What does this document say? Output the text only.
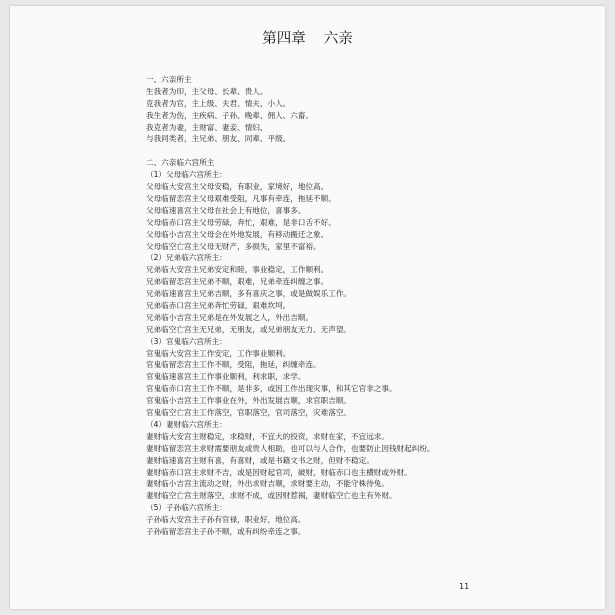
第四章 六亲
一、六亲所主
生我者为印，主父母、长辈、贵人。
克我者为官，主上级、夫君、情夫、小人。
我生者为伤，主疾病、子孙、晚辈、佣人、六畜。
我克者为妻，主财富、妻妾、情妇、
与我同类者，主兄弟、朋友、同辈、平级。
二、六亲临六宫所主
（1）父母临六宫所主：
父母临大安宫主父母安稳，有职业，家境好，地位高。
父母临留恋宫主父母艰难受阻，凡事有牵连，拖延不顺。
父母临速喜宫主父母在社会上有地位，喜事多。
父母临赤口宫主父母劳碌，奔忙，艰难，是非口舌不好。
父母临小吉宫主父母会在外地发展，有移动搬迁之象。
父母临空亡宫主父母无财产，多损失，家里不富裕。
（2）兄弟临六宫所主：
兄弟临大安宫主兄弟安定和睦，事业稳定，工作顺利。
兄弟临留恋宫主兄弟不顺，艰难，兄弟牵连纠缠之事。
兄弟临速喜宫主兄弟吉顺，多有喜庆之事，或是做娱乐工作。
兄弟临赤口宫主兄弟奔忙劳碌，艰难坎坷。
兄弟临小吉宫主兄弟是在外发展之人，外出吉顺。
兄弟临空亡宫主无兄弟，无朋友，或兄弟朋友无力、无声望。
（3）官鬼临六宫所主：
官鬼临大安宫主工作安定，工作事业顺利。
官鬼临留恋宫主工作不顺，受阻，拖延，纠缠牵连。
官鬼临速喜宫主工作事业顺利，利求职，求学。
官鬼临赤口宫主工作不顺，是非多，或因工作出现灾事，和其它官非之事。
官鬼临小吉宫主工作事业在外，外出发展吉顺，求官职吉顺。
官鬼临空亡宫主工作落空，官职落空，官司落空，灾难落空。
（4）妻财临六宫所主：
妻财临大安宫主财稳定，求稳财，不宜大的投资，求财在家，不宜远求。
妻财临留恋宫主求财需要朋友或贵人相助，也可以与人合作，也要防止因钱财起纠纷。
妻财临速喜宫主财有喜，有喜财，或是书籍文书之财，但财不稳定。
妻财临赤口宫主求财不吉，或是因财起官司，破财，财临赤口也主横财或外财。
妻财临小吉宫主流动之财，外出求财吉顺，求财要主动，不能守株待兔。
妻财临空亡宫主财落空，求财不成，或因财惹祸，妻财临空亡也主有外财。
（5）子孙临六宫所主：
子孙临大安宫主子孙有官禄，职业好，地位高。
子孙临留恋宫主子孙不顺，或有纠纷牵连之事。
11
